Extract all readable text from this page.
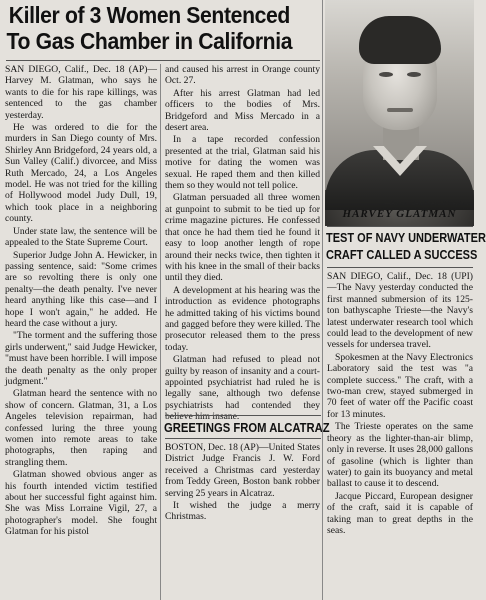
Killer of 3 Women Sentenced
To Gas Chamber in California

SAN DIEGO, Calif., Dec. 18 (AP)—Harvey M. Glatman, who says he wants to die for his rape killings, was sentenced to the gas chamber yesterday.

He was ordered to die for the murders in San Diego county of Mrs. Shirley Ann Bridgeford, 24 years old, a Sun Valley (Calif.) divorcee, and Miss Ruth Mercado, 24, a Los Angeles model. He was not tried for the killing of Hollywood model Judy Dull, 19, which took place in a neighboring county.

Under state law, the sentence will be appealed to the State Supreme Court.

Superior Judge John A. Hewicker, in passing sentence, said: "Some crimes are so revolting there is only one penalty—the death penalty. I've never heard anything like this case—and I hope I won't again," he added. He heard the case without a jury.

"The torment and the suffering those girls underwent," said Judge Hewicker, "must have been horrible. I will impose the death penalty as the only proper judgment."

Glatman heard the sentence with no show of concern. Glatman, 31, a Los Angeles television repairman, had confessed luring the three young women into remote areas to take photographs, then raping and strangling them.

Glatman showed obvious anger as his fourth intended victim testified about her successful fight against him. She was Miss Lorraine Vigil, 27, a photographer's model. She fought Glatman for his pistol

and caused his arrest in Orange county Oct. 27.

After his arrest Glatman had led officers to the bodies of Mrs. Bridgeford and Miss Mercado in a desert area.

In a tape recorded confession presented at the trial, Glatman said his motive for dating the women was sexual. He raped them and then killed them so they would not tell police.

Glatman persuaded all three women at gunpoint to submit to be tied up for crime magazine pictures. He confessed that once he had them tied he found it easy to loop another length of rope around their necks twice, then tighten it with his knee in the small of their backs until they died.

A development at his hearing was the introduction as evidence photographs he admitted taking of his victims bound and gagged before they were killed. The prosecutor released them to the press today.

Glatman had refused to plead not guilty by reason of insanity and a court-appointed psychiatrist had ruled he is legally sane, although two defense psychiatrists had contended they believe him insane.

GREETINGS FROM ALCATRAZ

BOSTON, Dec. 18 (AP)—United States District Judge Francis J. W. Ford received a Christmas card yesterday from Teddy Green, Boston bank robber serving 25 years in Alcatraz.

It wished the judge a merry Christmas.

—Associated Press Wirephoto.
HARVEY GLATMAN
TEST OF NAVY UNDERWATER
CRAFT CALLED A SUCCESS

SAN DIEGO, Calif., Dec. 18 (UPI)—The Navy yesterday conducted the first manned submersion of its 125-ton bathyscaphe Trieste—the Navy's latest underwater research tool which could lead to the development of new vessels for undersea travel.

Spokesmen at the Navy Electronics Laboratory said the test was "a complete success." The craft, with a two-man crew, stayed submerged in 70 feet of water off the Pacific coast for 13 minutes.

The Trieste operates on the same theory as the lighter-than-air blimp, only in reverse. It uses 28,000 gallons of gasoline (which is lighter than water) to gain its buoyancy and metal ballast to cause it to descend.

Jacque Piccard, European designer of the craft, said it is capable of taking man to great depths in the seas.
